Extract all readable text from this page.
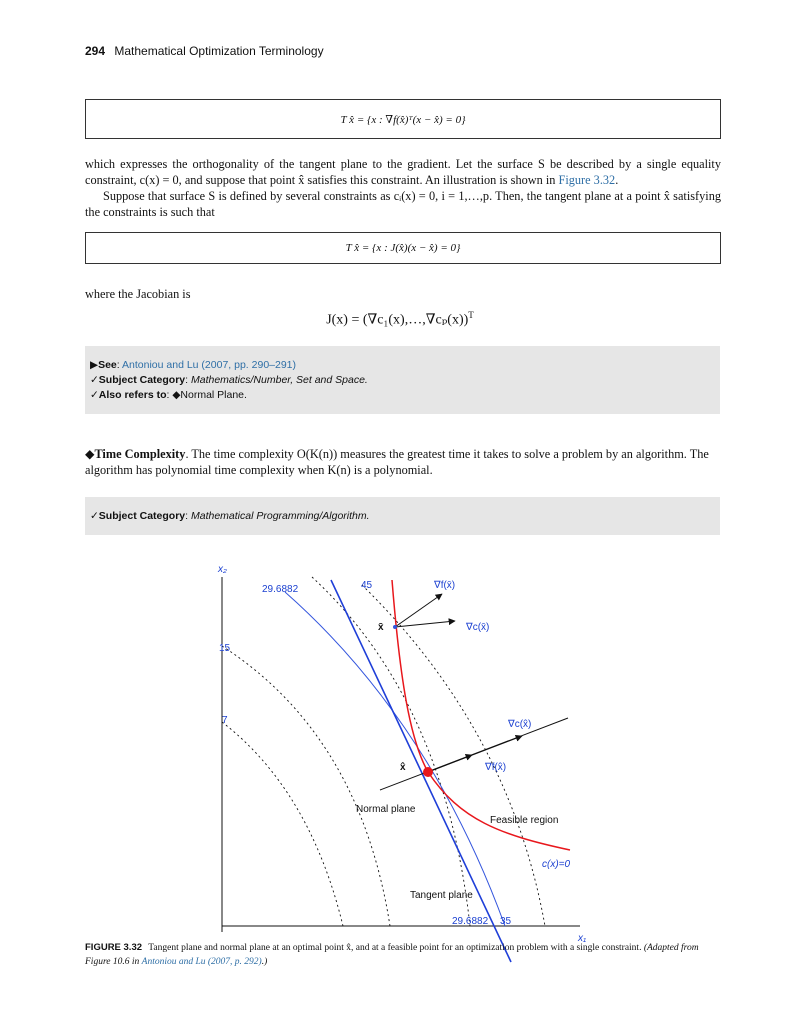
294 Mathematical Optimization Terminology
T x̂ = {x : ∇f(x̂)ᵀ(x − x̂) = 0}
which expresses the orthogonality of the tangent plane to the gradient. Let the surface S be described by a single equality constraint, c(x) = 0, and suppose that point x̂ satisfies this constraint. An illustration is shown in Figure 3.32.
Suppose that surface S is defined by several constraints as cᵢ(x) = 0, i = 1,…,p. Then, the tangent plane at a point x̂ satisfying the constraints is such that
T x̂ = {x : J(x̂)(x − x̂) = 0}
where the Jacobian is
J(x) = (∇c₁(x),…,∇cₚ(x))$^T$
▶See: Antoniou and Lu (2007, pp. 290–291)
✓Subject Category: Mathematics/Number, Set and Space.
✓Also refers to: ◆Normal Plane.
◆Time Complexity. The time complexity O(K(n)) measures the greatest time it takes to solve a problem by an algorithm. The algorithm has polynomial time complexity when K(n) is a polynomial.
✓Subject Category: Mathematical Programming/Algorithm.
x₂
x₁
29.6882	45
15
7
29.6882 35
∇f(x̄)
∇c(x̄)
x̄
∇c(x̂)
∇f(x̂)
x̂
Normal plane
Feasible region
c(x)=0
Tangent plane
FIGURE 3.32 Tangent plane and normal plane at an optimal point x̂, and at a feasible point for an optimization problem with a single constraint. (Adapted from Figure 10.6 in Antoniou and Lu (2007, p. 292).)
